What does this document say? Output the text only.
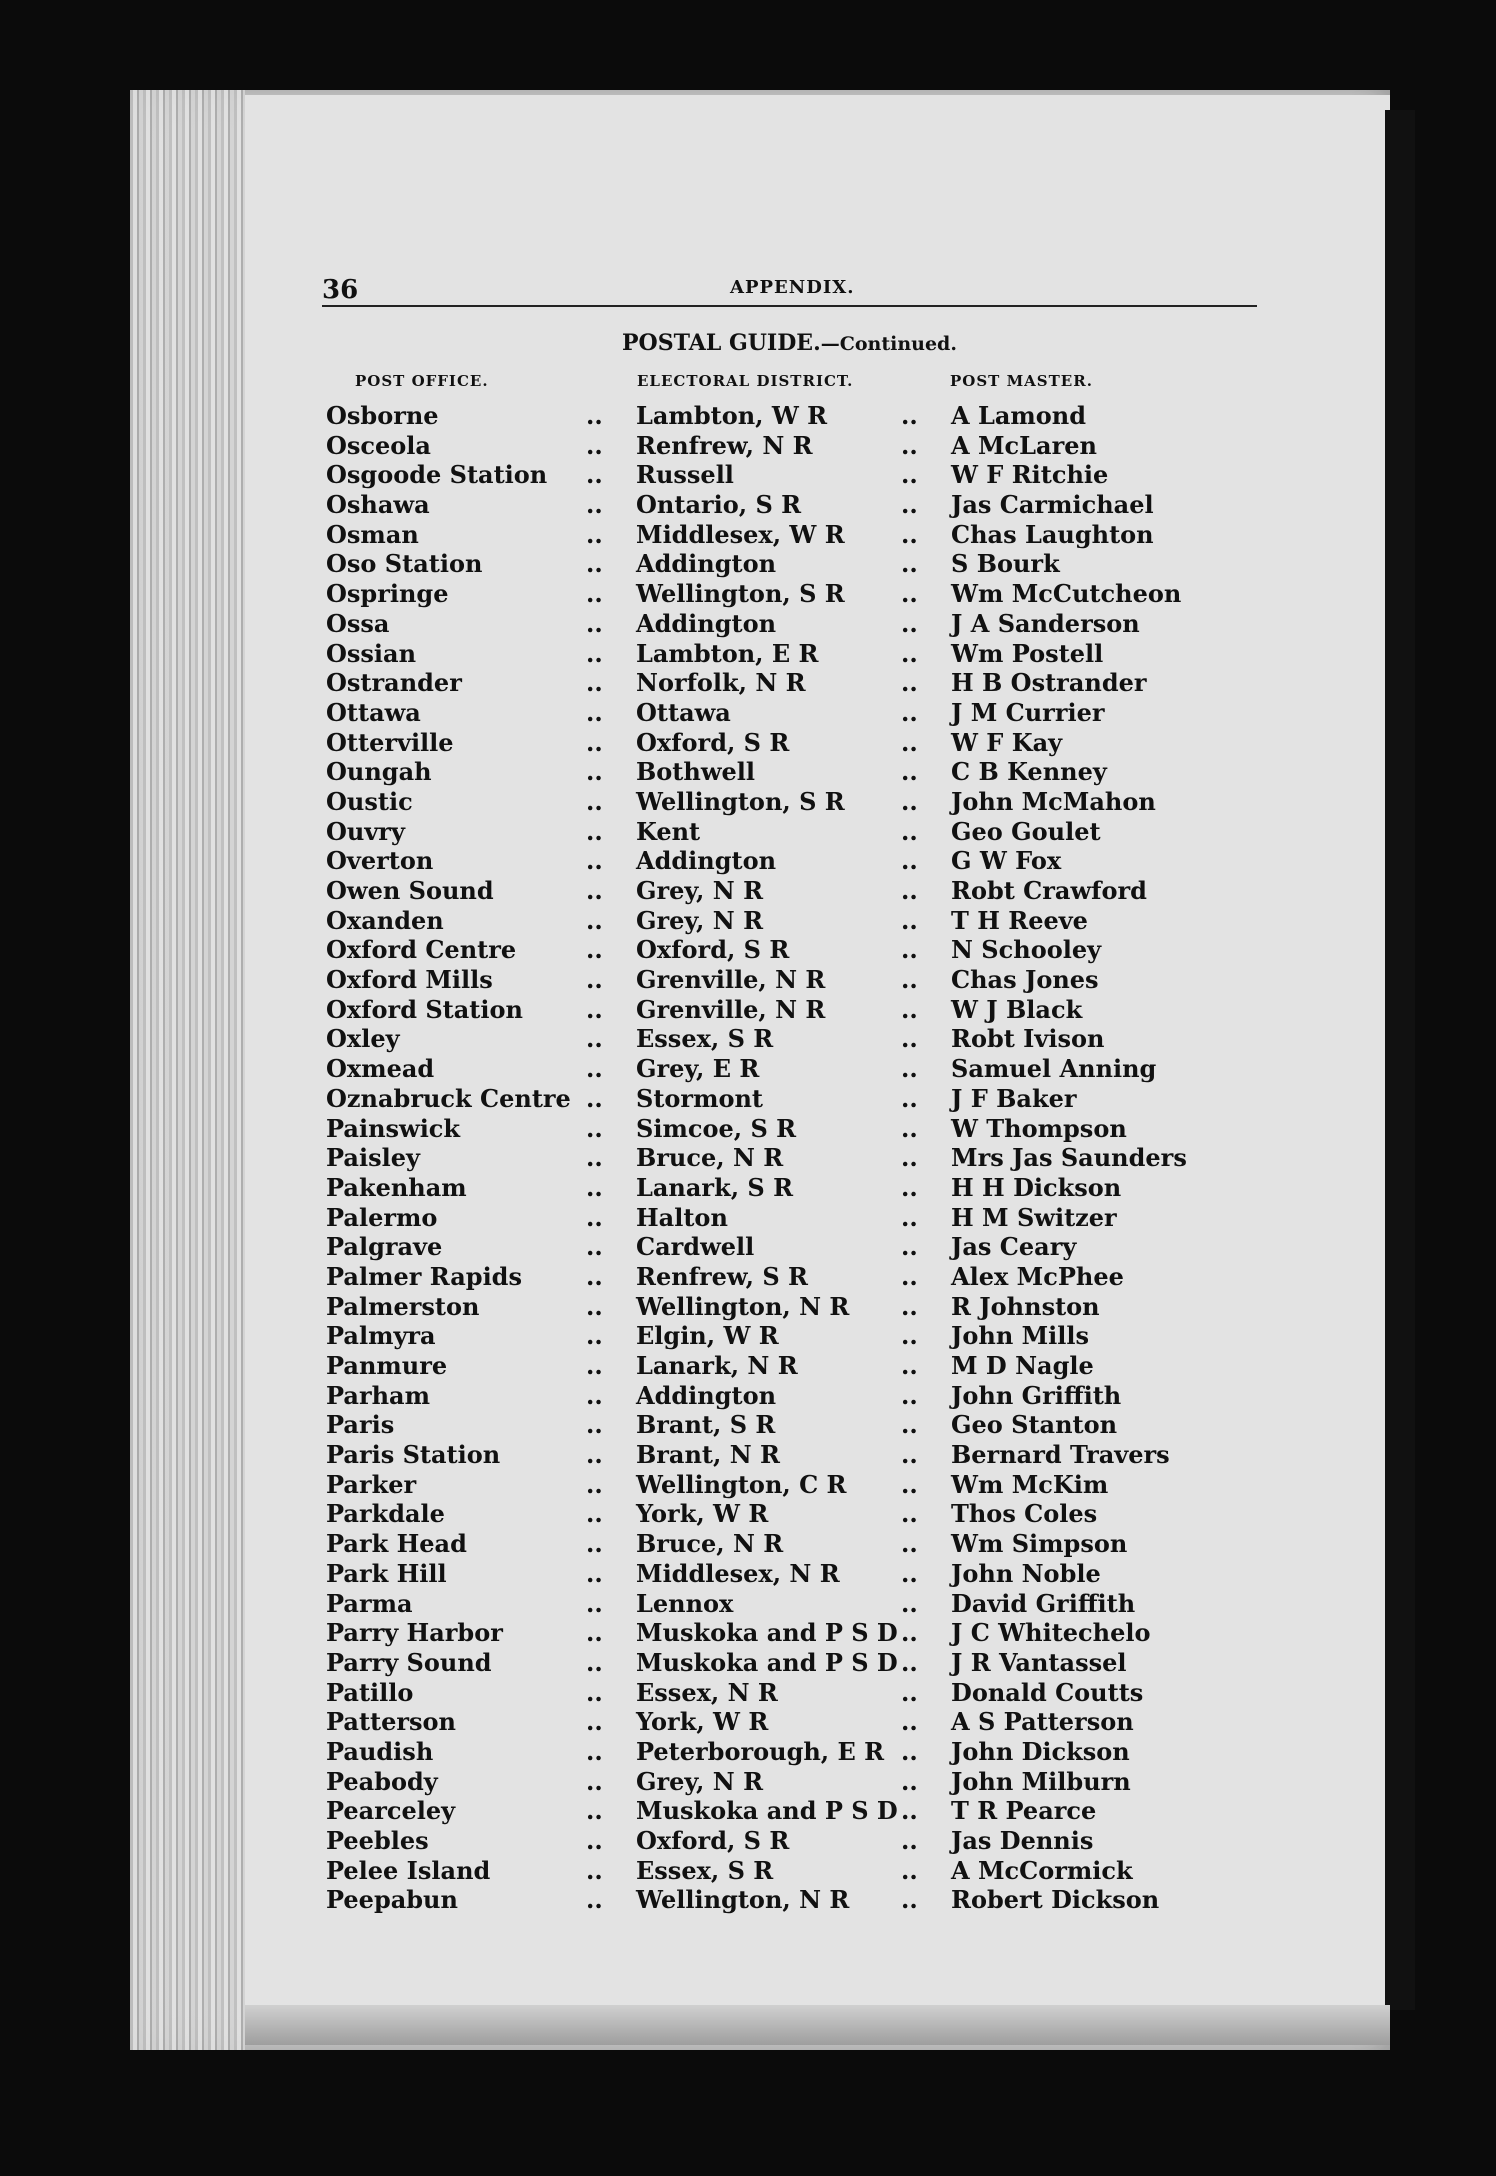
36	APPENDIX.
POSTAL GUIDE.—Continued.
POST OFFICE.	ELECTORAL DISTRICT.	POST MASTER.
Osborne	.. Lambton, W R	.. A Lamond
Osceola	.. Renfrew, N R	.. A McLaren
Osgoode Station .. Russell	.. W F Ritchie
Oshawa	.. Ontario, S R	.. Jas Carmichael
Osman	.. Middlesex, W R .. Chas Laughton
Oso Station	.. Addington	.. S Bourk
Ospringe	.. Wellington, S R .. Wm McCutcheon
Ossa	.. Addington	.. J A Sanderson
Ossian	.. Lambton, E R	.. Wm Postell
Ostrander	.. Norfolk, N R	.. H B Ostrander
Ottawa	.. Ottawa	.. J M Currier
Otterville	.. Oxford, S R	.. W F Kay
Oungah	.. Bothwell	.. C B Kenney
Oustic	.. Wellington, S R .. John McMahon
Ouvry	.. Kent	.. Geo Goulet
Overton	.. Addington	.. G W Fox
Owen Sound	.. Grey, N R	.. Robt Crawford
Oxanden	.. Grey, N R	.. T H Reeve
Oxford Centre	.. Oxford, S R	.. N Schooley
Oxford Mills	.. Grenville, N R	.. Chas Jones
Oxford Station	.. Grenville, N R	.. W J Black
Oxley	.. Essex, S R	.. Robt Ivison
Oxmead	.. Grey, E R	.. Samuel Anning
Oznabruck Centre .. Stormont	.. J F Baker
Painswick	.. Simcoe, S R	.. W Thompson
Paisley	.. Bruce, N R	.. Mrs Jas Saunders
Pakenham	.. Lanark, S R	.. H H Dickson
Palermo	.. Halton	.. H M Switzer
Palgrave	.. Cardwell	.. Jas Ceary
Palmer Rapids	.. Renfrew, S R	.. Alex McPhee
Palmerston	.. Wellington, N R .. R Johnston
Palmyra	.. Elgin, W R	.. John Mills
Panmure	.. Lanark, N R	.. M D Nagle
Parham	.. Addington	.. John Griffith
Paris	.. Brant, S R	.. Geo Stanton
Paris Station	.. Brant, N R	.. Bernard Travers
Parker	.. Wellington, C R .. Wm McKim
Parkdale	.. York, W R	.. Thos Coles
Park Head	.. Bruce, N R	.. Wm Simpson
Park Hill	.. Middlesex, N R	.. John Noble
Parma	.. Lennox	.. David Griffith
Parry Harbor	.. Muskoka and P S D .. J C Whitechelo
Parry Sound	.. Muskoka and P S D .. J R Vantassel
Patillo	.. Essex, N R	.. Donald Coutts
Patterson	.. York, W R	.. A S Patterson
Paudish	.. Peterborough, E R .. John Dickson
Peabody	.. Grey, N R	.. John Milburn
Pearceley	.. Muskoka and P S D .. T R Pearce
Peebles	.. Oxford, S R	.. Jas Dennis
Pelee Island	.. Essex, S R	.. A McCormick
Peepabun	.. Wellington, N R .. Robert Dickson
